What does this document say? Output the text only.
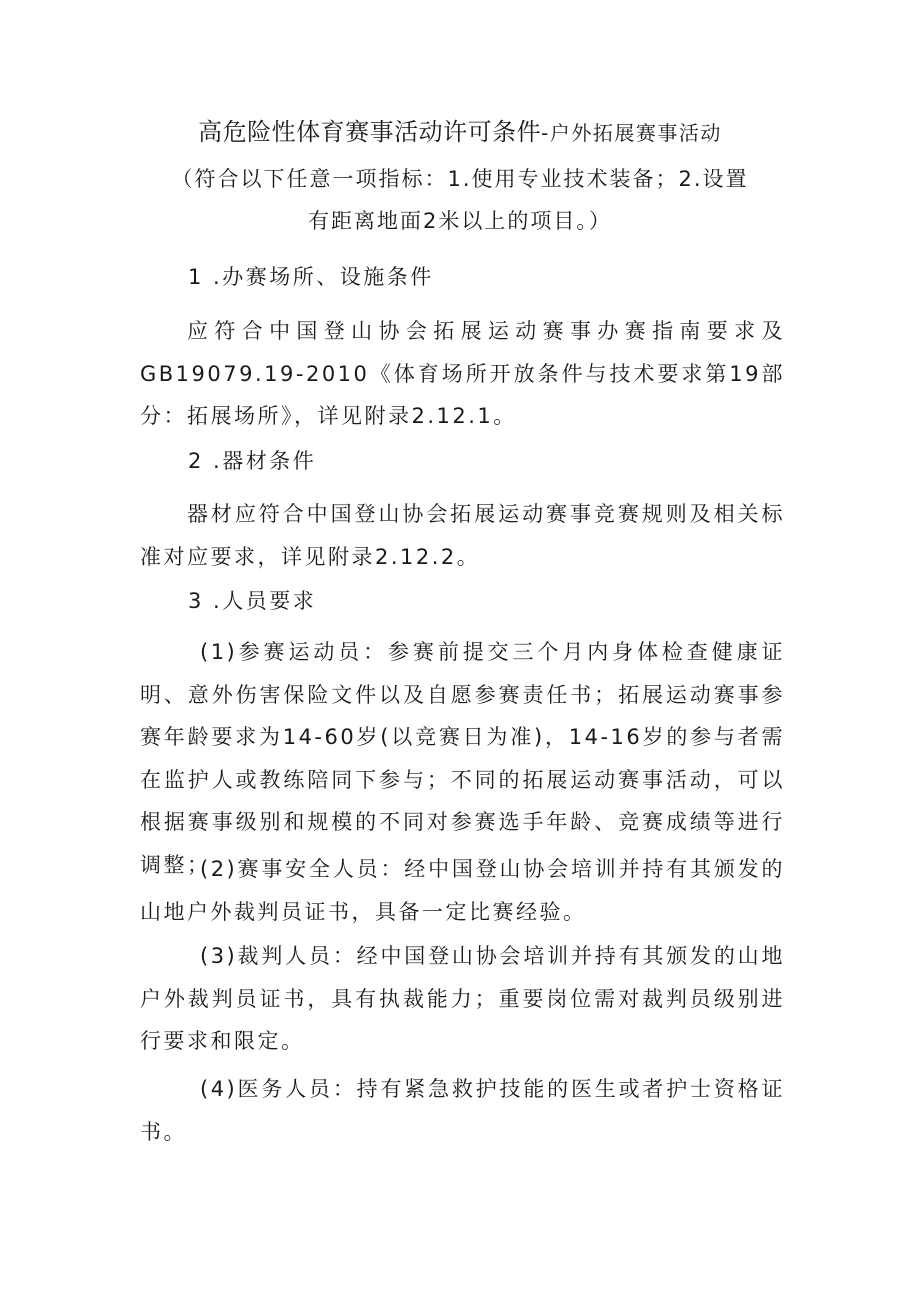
高危险性体育赛事活动许可条件-户外拓展赛事活动
（符合以下任意一项指标：1.使用专业技术装备；2.设置
有距离地面2米以上的项目。）
1 .办赛场所、设施条件
应符合中国登山协会拓展运动赛事办赛指南要求及GB19079.19-2010《体育场所开放条件与技术要求第19部分：拓展场所》，详见附录2.12.1。
2 .器材条件
器材应符合中国登山协会拓展运动赛事竞赛规则及相关标准对应要求，详见附录2.12.2。
3 .人员要求
(1)参赛运动员：参赛前提交三个月内身体检查健康证明、意外伤害保险文件以及自愿参赛责任书；拓展运动赛事参赛年龄要求为14-60岁(以竞赛日为准)，14-16岁的参与者需在监护人或教练陪同下参与；不同的拓展运动赛事活动，可以根据赛事级别和规模的不同对参赛选手年龄、竞赛成绩等进行调整；
(2)赛事安全人员：经中国登山协会培训并持有其颁发的山地户外裁判员证书，具备一定比赛经验。
(3)裁判人员：经中国登山协会培训并持有其颁发的山地户外裁判员证书，具有执裁能力；重要岗位需对裁判员级别进行要求和限定。
(4)医务人员：持有紧急救护技能的医生或者护士资格证书。
